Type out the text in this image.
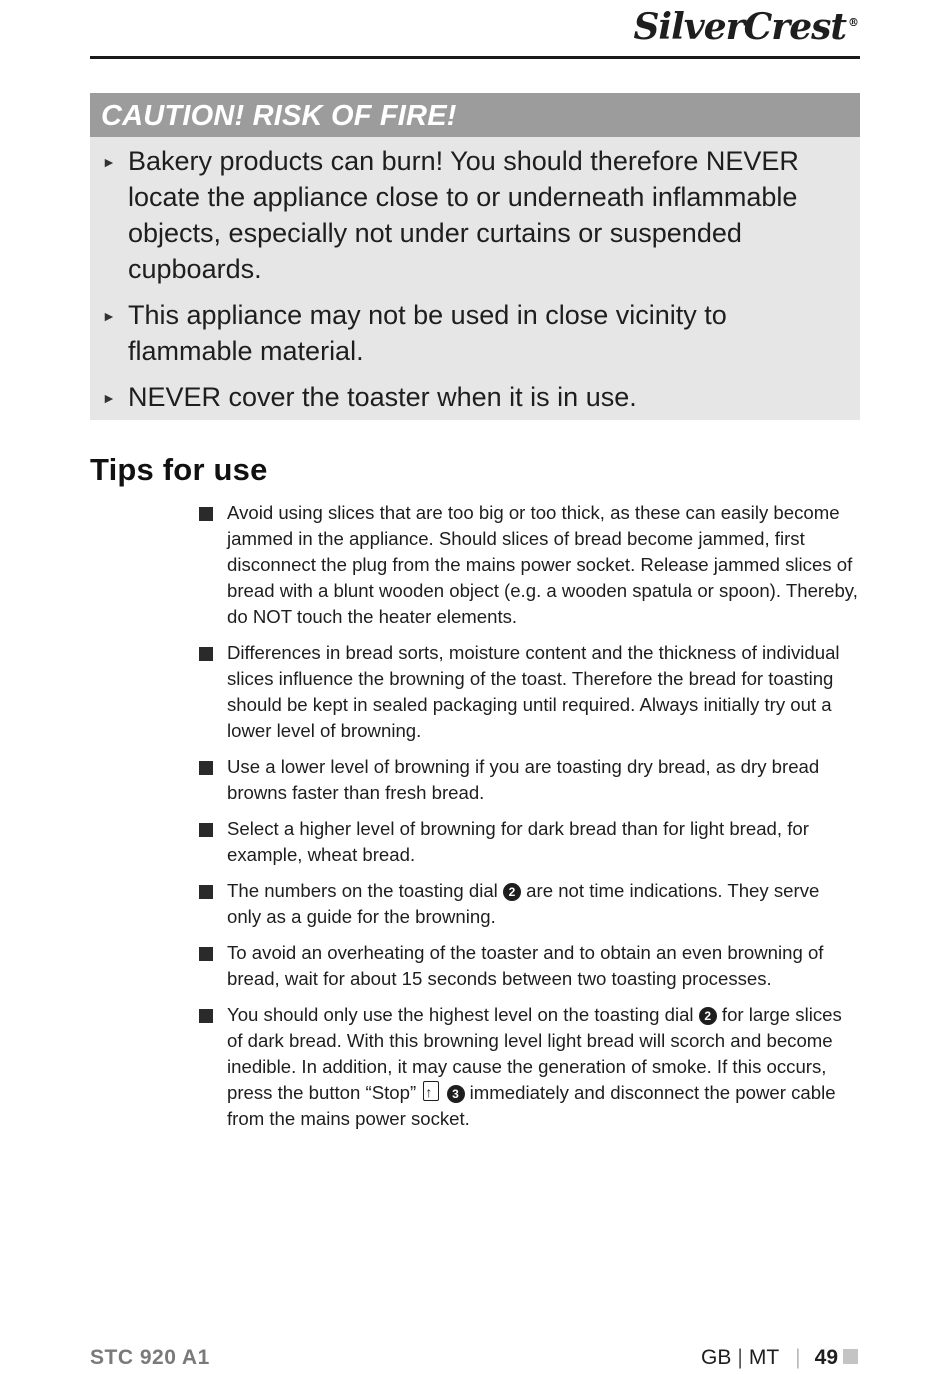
SilverCrest ®
CAUTION! RISK OF FIRE!
► Bakery products can burn! You should therefore NEVER locate the appliance close to or underneath inflammable objects, especially not under curtains or suspended cupboards.
► This appliance may not be used in close vicinity to flammable material.
► NEVER cover the toaster when it is in use.
Tips for use
Avoid using slices that are too big or too thick, as these can easily become jammed in the appliance. Should slices of bread become jammed, first disconnect the plug from the mains power socket. Release jammed slices of bread with a blunt wooden object (e.g. a wooden spatula or spoon). Thereby, do NOT touch the heater elements.
Differences in bread sorts, moisture content and the thickness of individual slices influence the browning of the toast. Therefore the bread for toasting should be kept in sealed packaging until required. Always initially try out a lower level of browning.
Use a lower level of browning if you are toasting dry bread, as dry bread browns faster than fresh bread.
Select a higher level of browning for dark bread than for light bread, for example, wheat bread.
The numbers on the toasting dial 2 are not time indications. They serve only as a guide for the browning.
To avoid an overheating of the toaster and to obtain an even browning of bread, wait for about 15 seconds between two toasting processes.
You should only use the highest level on the toasting dial 2 for large slices of dark bread. With this browning level light bread will scorch and become inedible. In addition, it may cause the generation of smoke. If this occurs, press the button “Stop” ↑	3 immediately and disconnect the power cable from the mains power socket.
STC 920 A1	GB | MT | 49
